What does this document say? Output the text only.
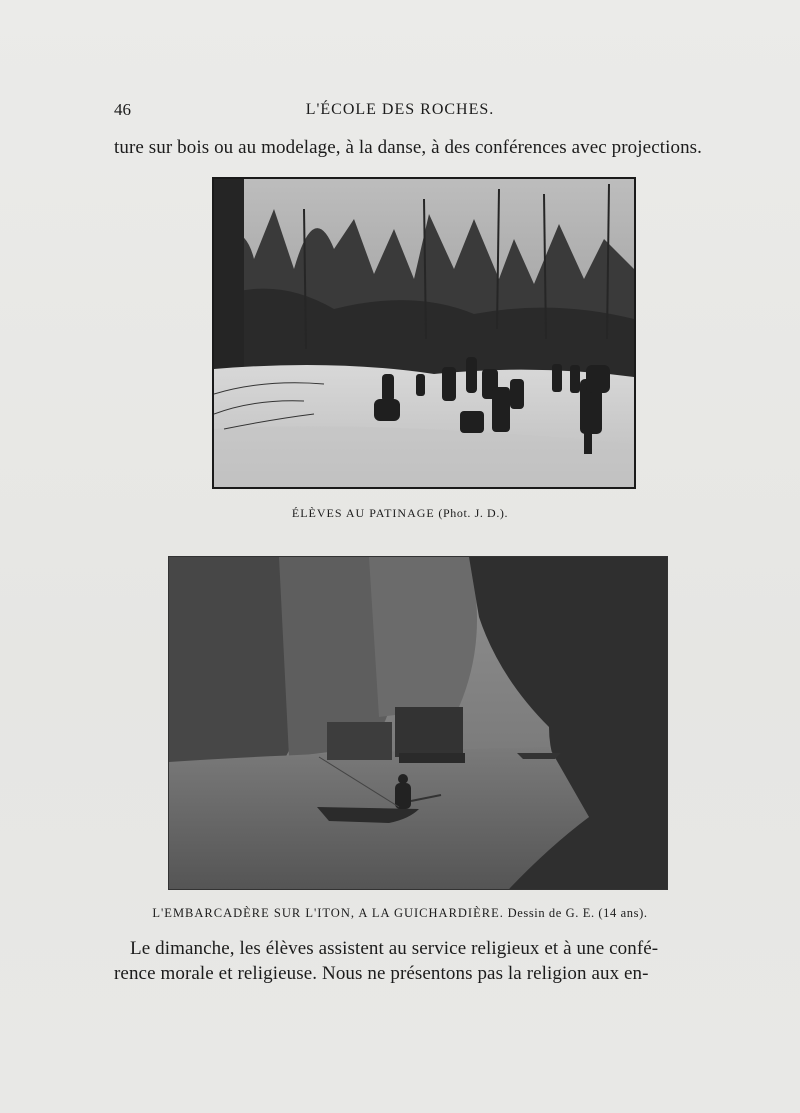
46	L'ÉCOLE DES ROCHES.
ture sur bois ou au modelage, à la danse, à des conférences avec projections.
ÉLÈVES AU PATINAGE (Phot. J. D.).
L'EMBARCADÈRE SUR L'ITON, A LA GUICHARDIÈRE. Dessin de G. E. (14 ans).
Le dimanche, les élèves assistent au service religieux et à une confé-
rence morale et religieuse. Nous ne présentons pas la religion aux en-
